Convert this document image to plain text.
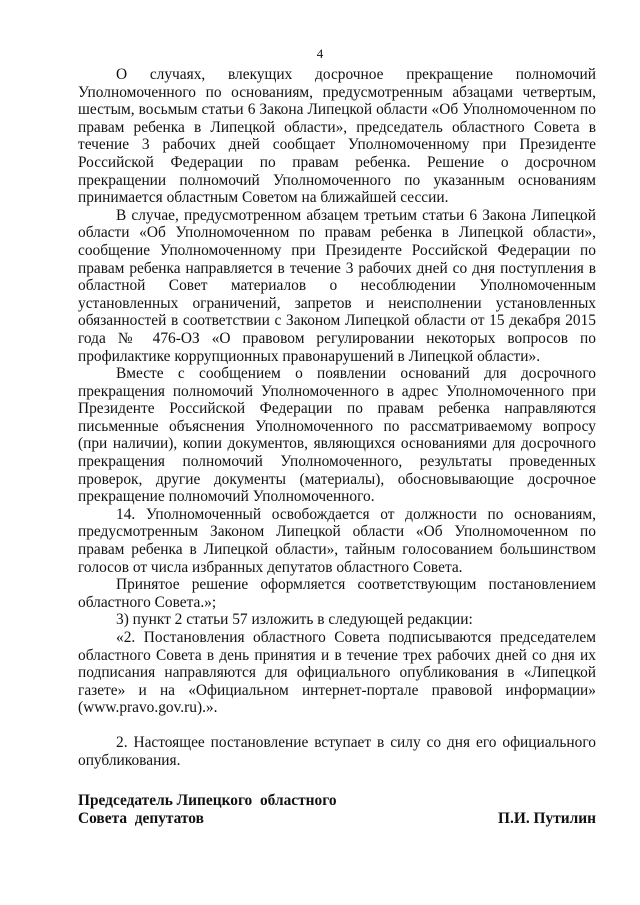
4

О случаях, влекущих досрочное прекращение полномочий Уполномоченного по основаниям, предусмотренным абзацами четвертым, шестым, восьмым статьи 6 Закона Липецкой области «Об Уполномоченном по правам ребенка в Липецкой области», председатель областного Совета в течение 3 рабочих дней сообщает Уполномоченному при Президенте Российской Федерации по правам ребенка. Решение о досрочном прекращении полномочий Уполномоченного по указанным основаниям принимается областным Советом на ближайшей сессии.

В случае, предусмотренном абзацем третьим статьи 6 Закона Липецкой области «Об Уполномоченном по правам ребенка в Липецкой области», сообщение Уполномоченному при Президенте Российской Федерации по правам ребенка направляется в течение 3 рабочих дней со дня поступления в областной Совет материалов о несоблюдении Уполномоченным установленных ограничений, запретов и неисполнении установленных обязанностей в соответствии с Законом Липецкой области от 15 декабря 2015 года № 476-ОЗ «О правовом регулировании некоторых вопросов по профилактике коррупционных правонарушений в Липецкой области».

Вместе с сообщением о появлении оснований для досрочного прекращения полномочий Уполномоченного в адрес Уполномоченного при Президенте Российской Федерации по правам ребенка направляются письменные объяснения Уполномоченного по рассматриваемому вопросу (при наличии), копии документов, являющихся основаниями для досрочного прекращения полномочий Уполномоченного, результаты проведенных проверок, другие документы (материалы), обосновывающие досрочное прекращение полномочий Уполномоченного.

14. Уполномоченный освобождается от должности по основаниям, предусмотренным Законом Липецкой области «Об Уполномоченном по правам ребенка в Липецкой области», тайным голосованием большинством голосов от числа избранных депутатов областного Совета.

Принятое решение оформляется соответствующим постановлением областного Совета.»;

3) пункт 2 статьи 57 изложить в следующей редакции:

«2. Постановления областного Совета подписываются председателем областного Совета в день принятия и в течение трех рабочих дней со дня их подписания направляются для официального опубликования в «Липецкой газете» и на «Официальном интернет-портале правовой информации» (www.pravo.gov.ru).».

2. Настоящее постановление вступает в силу со дня его официального опубликования.

Председатель Липецкого  областного
Совета  депутатов	П.И. Путилин
